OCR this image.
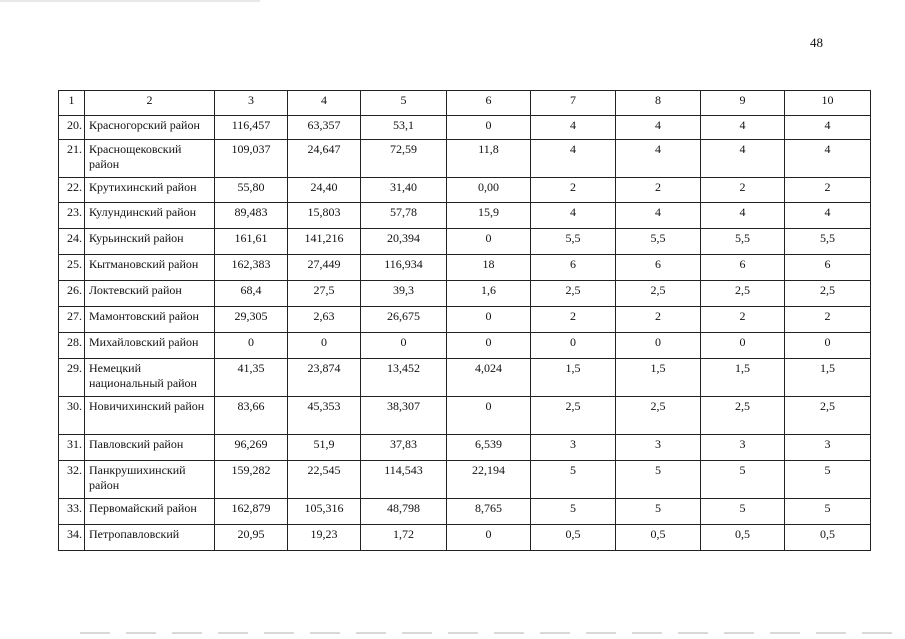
48
1	2	3	4	5	6	7	8	9	10
20.	Красногорский район	116,457	63,357	53,1	0	4	4	4	4
21.	Краснощековский район	109,037	24,647	72,59	11,8	4	4	4	4
22.	Крутихинский район	55,80	24,40	31,40	0,00	2	2	2	2
23.	Кулундинский район	89,483	15,803	57,78	15,9	4	4	4	4
24.	Курьинский район	161,61	141,216	20,394	0	5,5	5,5	5,5	5,5
25.	Кытмановский район	162,383	27,449	116,934	18	6	6	6	6
26.	Локтевский район	68,4	27,5	39,3	1,6	2,5	2,5	2,5	2,5
27.	Мамонтовский район	29,305	2,63	26,675	0	2	2	2	2
28.	Михайловский район	0	0	0	0	0	0	0	0
29.	Немецкий национальный район	41,35	23,874	13,452	4,024	1,5	1,5	1,5	1,5
30.	Новичихинский район	83,66	45,353	38,307	0	2,5	2,5	2,5	2,5
31.	Павловский район	96,269	51,9	37,83	6,539	3	3	3	3
32.	Панкрушихинский район	159,282	22,545	114,543	22,194	5	5	5	5
33.	Первомайский район	162,879	105,316	48,798	8,765	5	5	5	5
34.	Петропавловский	20,95	19,23	1,72	0	0,5	0,5	0,5	0,5
